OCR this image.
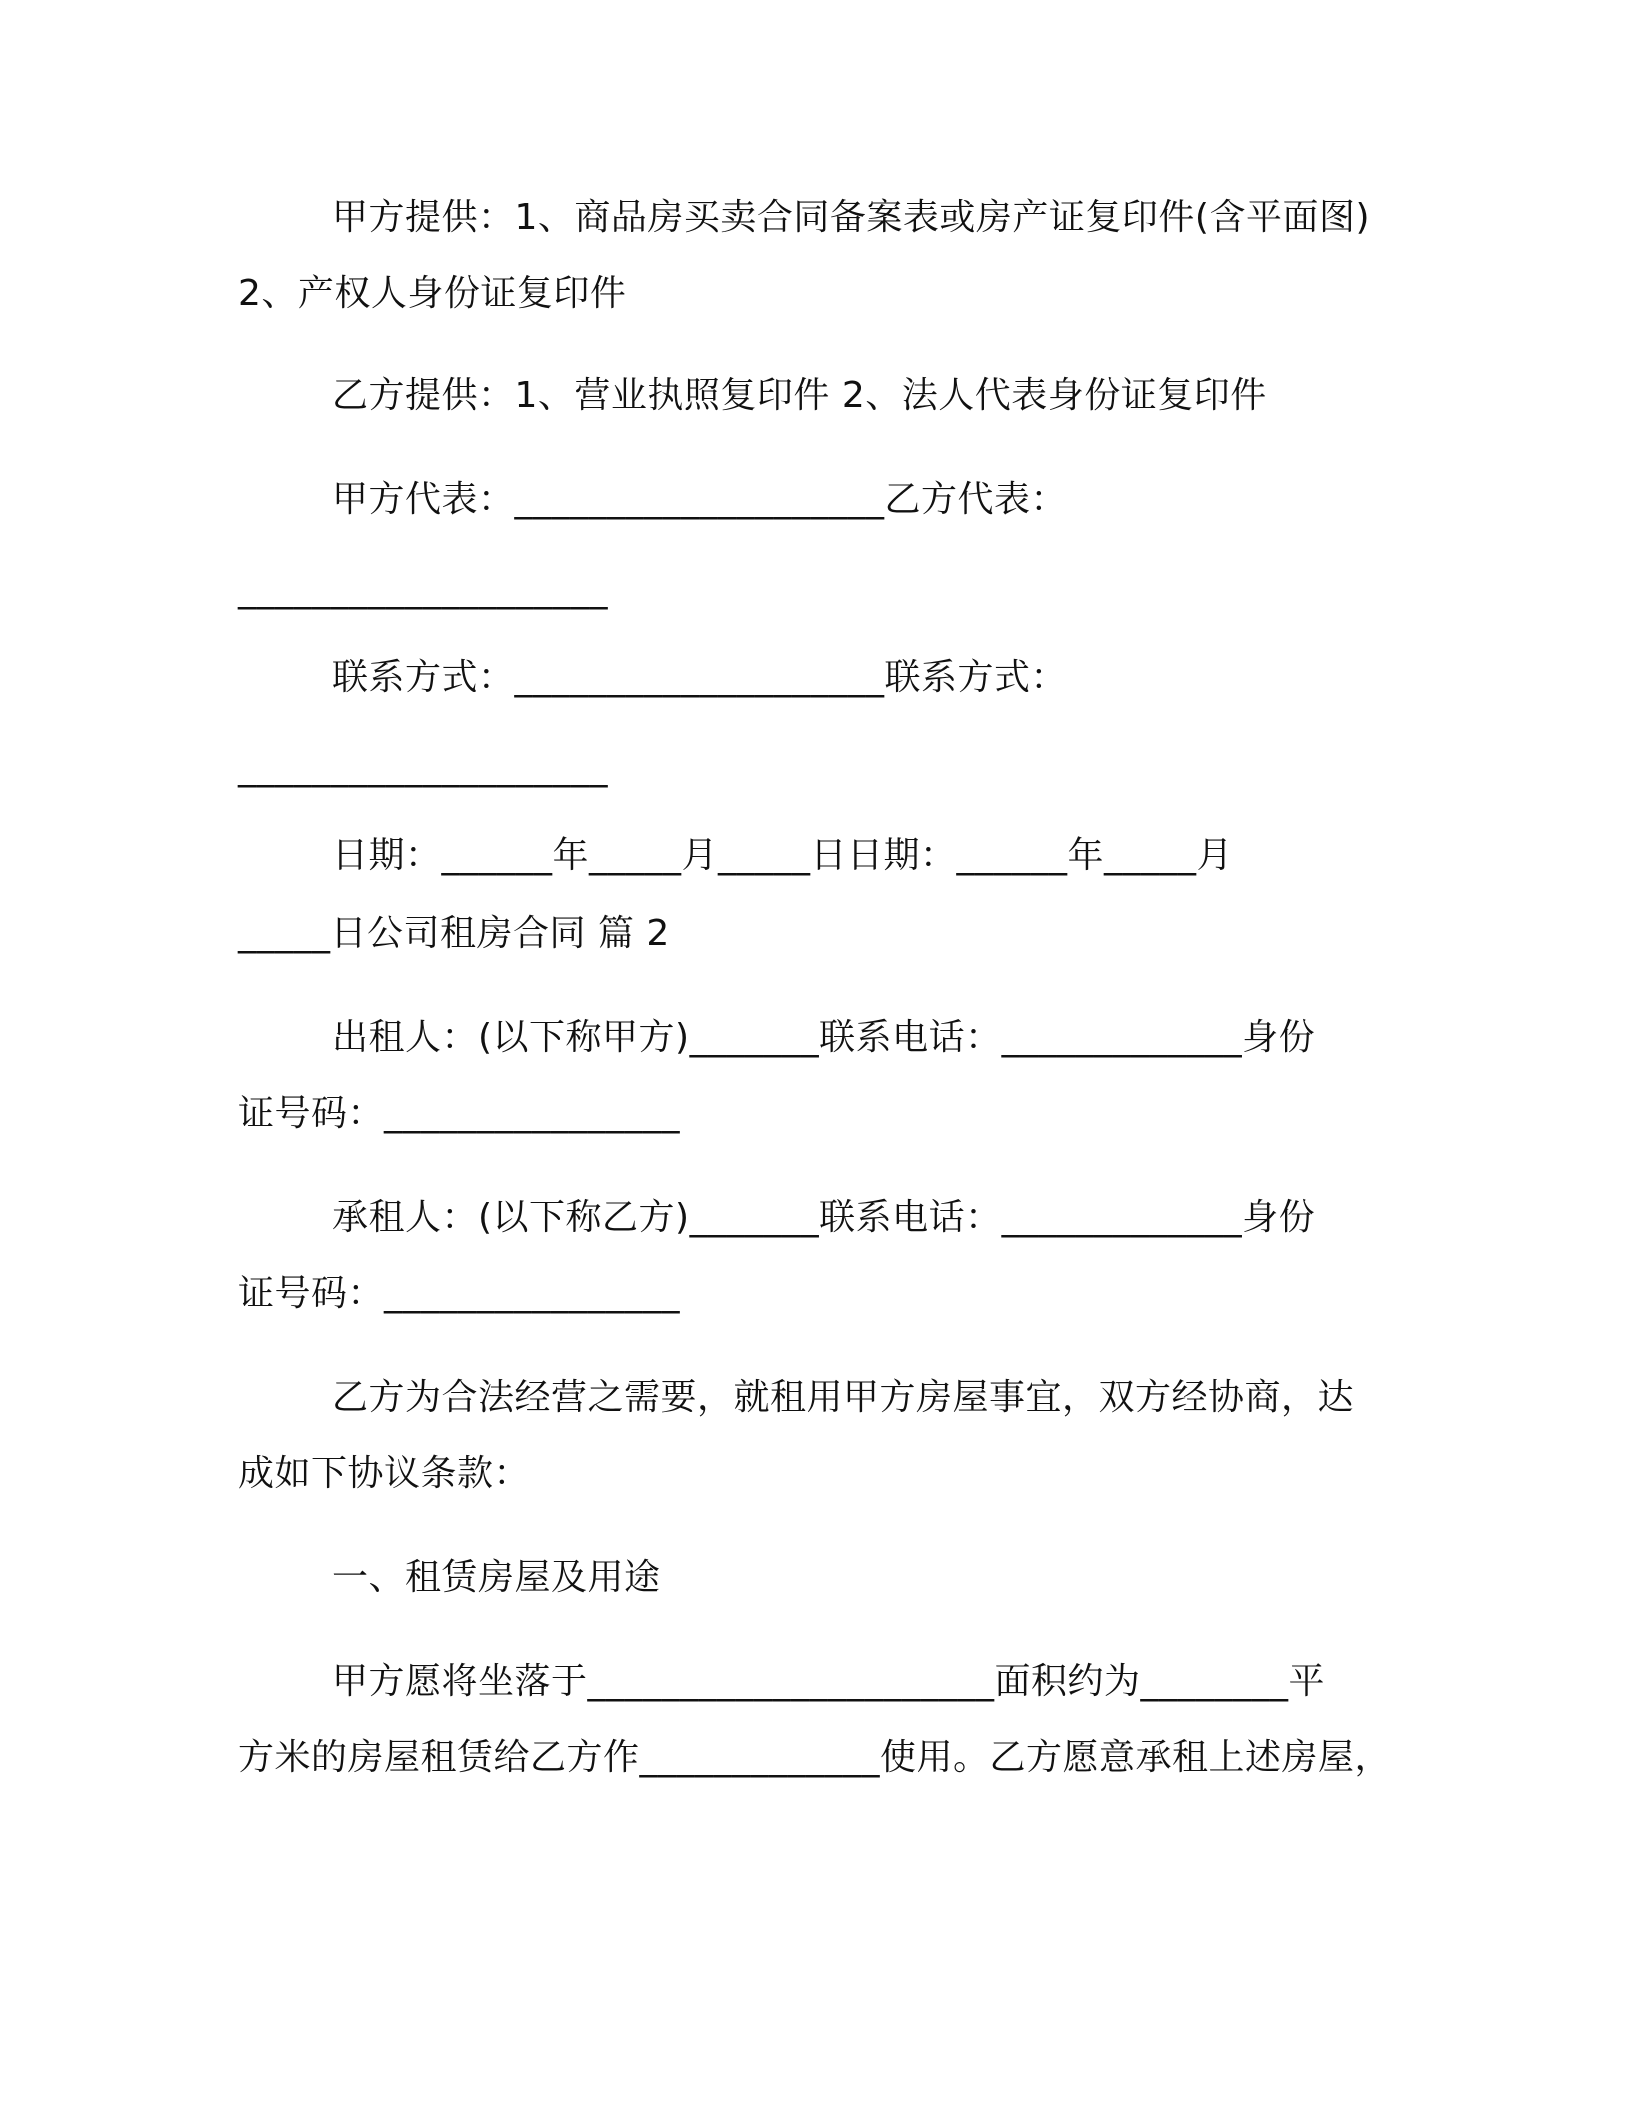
甲方提供：1、商品房买卖合同备案表或房产证复印件(含平面图)
2、产权人身份证复印件
乙方提供：1、营业执照复印件 2、法人代表身份证复印件
甲方代表：____________________乙方代表：
____________________
联系方式：____________________联系方式：
____________________
日期：______年_____月_____日日期：______年_____月
_____日公司租房合同 篇 2
出租人：(以下称甲方)_______联系电话：_____________身份
证号码：________________
承租人：(以下称乙方)_______联系电话：_____________身份
证号码：________________
乙方为合法经营之需要，就租用甲方房屋事宜，双方经协商，达
成如下协议条款：
一、租赁房屋及用途
甲方愿将坐落于______________________面积约为________平
方米的房屋租赁给乙方作_____________使用。乙方愿意承租上述房屋，
